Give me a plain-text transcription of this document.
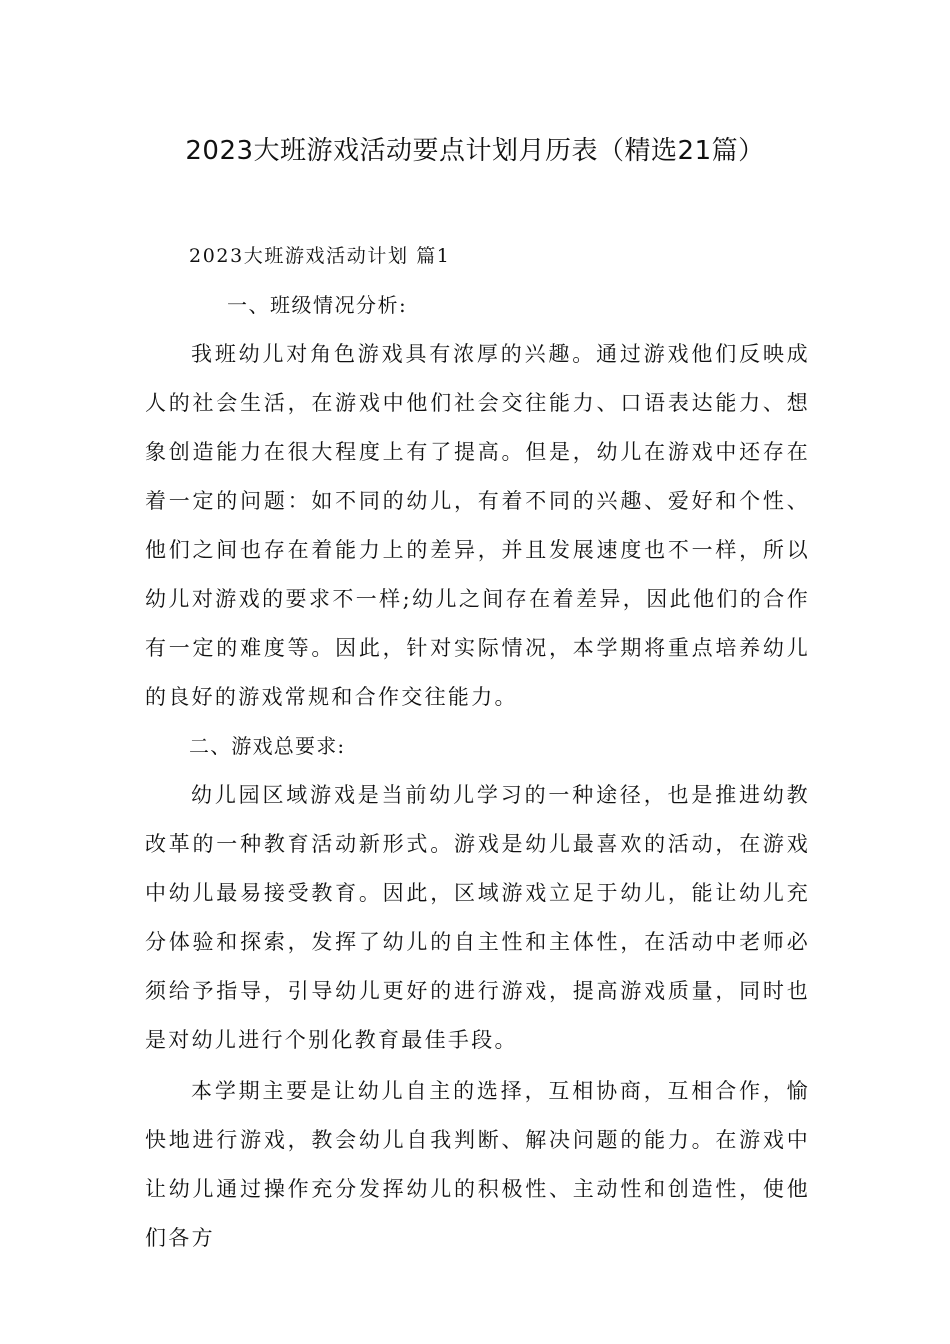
2023大班游戏活动要点计划月历表（精选21篇）

2023大班游戏活动计划 篇1

一、班级情况分析:

我班幼儿对角色游戏具有浓厚的兴趣。通过游戏他们反映成人的社会生活，在游戏中他们社会交往能力、口语表达能力、想象创造能力在很大程度上有了提高。但是，幼儿在游戏中还存在着一定的问题：如不同的幼儿，有着不同的兴趣、爱好和个性、他们之间也存在着能力上的差异，并且发展速度也不一样，所以幼儿对游戏的要求不一样;幼儿之间存在着差异，因此他们的合作有一定的难度等。因此，针对实际情况，本学期将重点培养幼儿的良好的游戏常规和合作交往能力。

二、游戏总要求:

幼儿园区域游戏是当前幼儿学习的一种途径，也是推进幼教改革的一种教育活动新形式。游戏是幼儿最喜欢的活动，在游戏中幼儿最易接受教育。因此，区域游戏立足于幼儿，能让幼儿充分体验和探索，发挥了幼儿的自主性和主体性，在活动中老师必须给予指导，引导幼儿更好的进行游戏，提高游戏质量，同时也是对幼儿进行个别化教育最佳手段。

本学期主要是让幼儿自主的选择，互相协商，互相合作，愉快地进行游戏，教会幼儿自我判断、解决问题的能力。在游戏中让幼儿通过操作充分发挥幼儿的积极性、主动性和创造性，使他们各方
